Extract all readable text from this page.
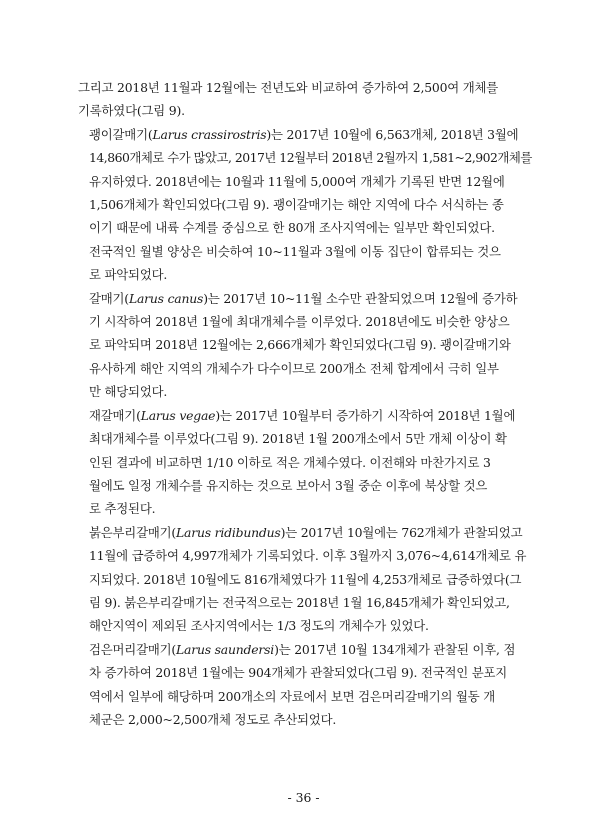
그리고 2018년 11월과 12월에는 전년도와 비교하여 증가하여 2,500여 개체를
기록하였다(그림 9).

괭이갈매기(Larus crassirostris)는 2017년 10월에 6,563개체, 2018년 3월에
14,860개체로 수가 많았고, 2017년 12월부터 2018년 2월까지 1,581~2,902개체를
유지하였다. 2018년에는 10월과 11월에 5,000여 개체가 기록된 반면 12월에
1,506개체가 확인되었다(그림 9). 괭이갈매기는 해안 지역에 다수 서식하는 종
이기 때문에 내륙 수계를 중심으로 한 80개 조사지역에는 일부만 확인되었다.
전국적인 월별 양상은 비슷하여 10~11월과 3월에 이동 집단이 합류되는 것으
로 파악되었다.

갈매기(Larus canus)는 2017년 10~11월 소수만 관찰되었으며 12월에 증가하
기 시작하여 2018년 1월에 최대개체수를 이루었다. 2018년에도 비슷한 양상으
로 파악되며 2018년 12월에는 2,666개체가 확인되었다(그림 9). 괭이갈매기와
유사하게 해안 지역의 개체수가 다수이므로 200개소 전체 합계에서 극히 일부
만 해당되었다.

재갈매기(Larus vegae)는 2017년 10월부터 증가하기 시작하여 2018년 1월에
최대개체수를 이루었다(그림 9). 2018년 1월 200개소에서 5만 개체 이상이 확
인된 결과에 비교하면 1/10 이하로 적은 개체수였다. 이전해와 마찬가지로 3
월에도 일정 개체수를 유지하는 것으로 보아서 3월 중순 이후에 북상할 것으
로 추정된다.

붉은부리갈매기(Larus ridibundus)는 2017년 10월에는 762개체가 관찰되었고
11월에 급증하여 4,997개체가 기록되었다. 이후 3월까지 3,076~4,614개체로 유
지되었다. 2018년 10월에도 816개체였다가 11월에 4,253개체로 급증하였다(그
림 9). 붉은부리갈매기는 전국적으로는 2018년 1월 16,845개체가 확인되었고,
해안지역이 제외된 조사지역에서는 1/3 정도의 개체수가 있었다.

검은머리갈매기(Larus saundersi)는 2017년 10월 134개체가 관찰된 이후, 점
차 증가하여 2018년 1월에는 904개체가 관찰되었다(그림 9). 전국적인 분포지
역에서 일부에 해당하며 200개소의 자료에서 보면 검은머리갈매기의 월동 개
체군은 2,000~2,500개체 정도로 추산되었다.

- 36 -
